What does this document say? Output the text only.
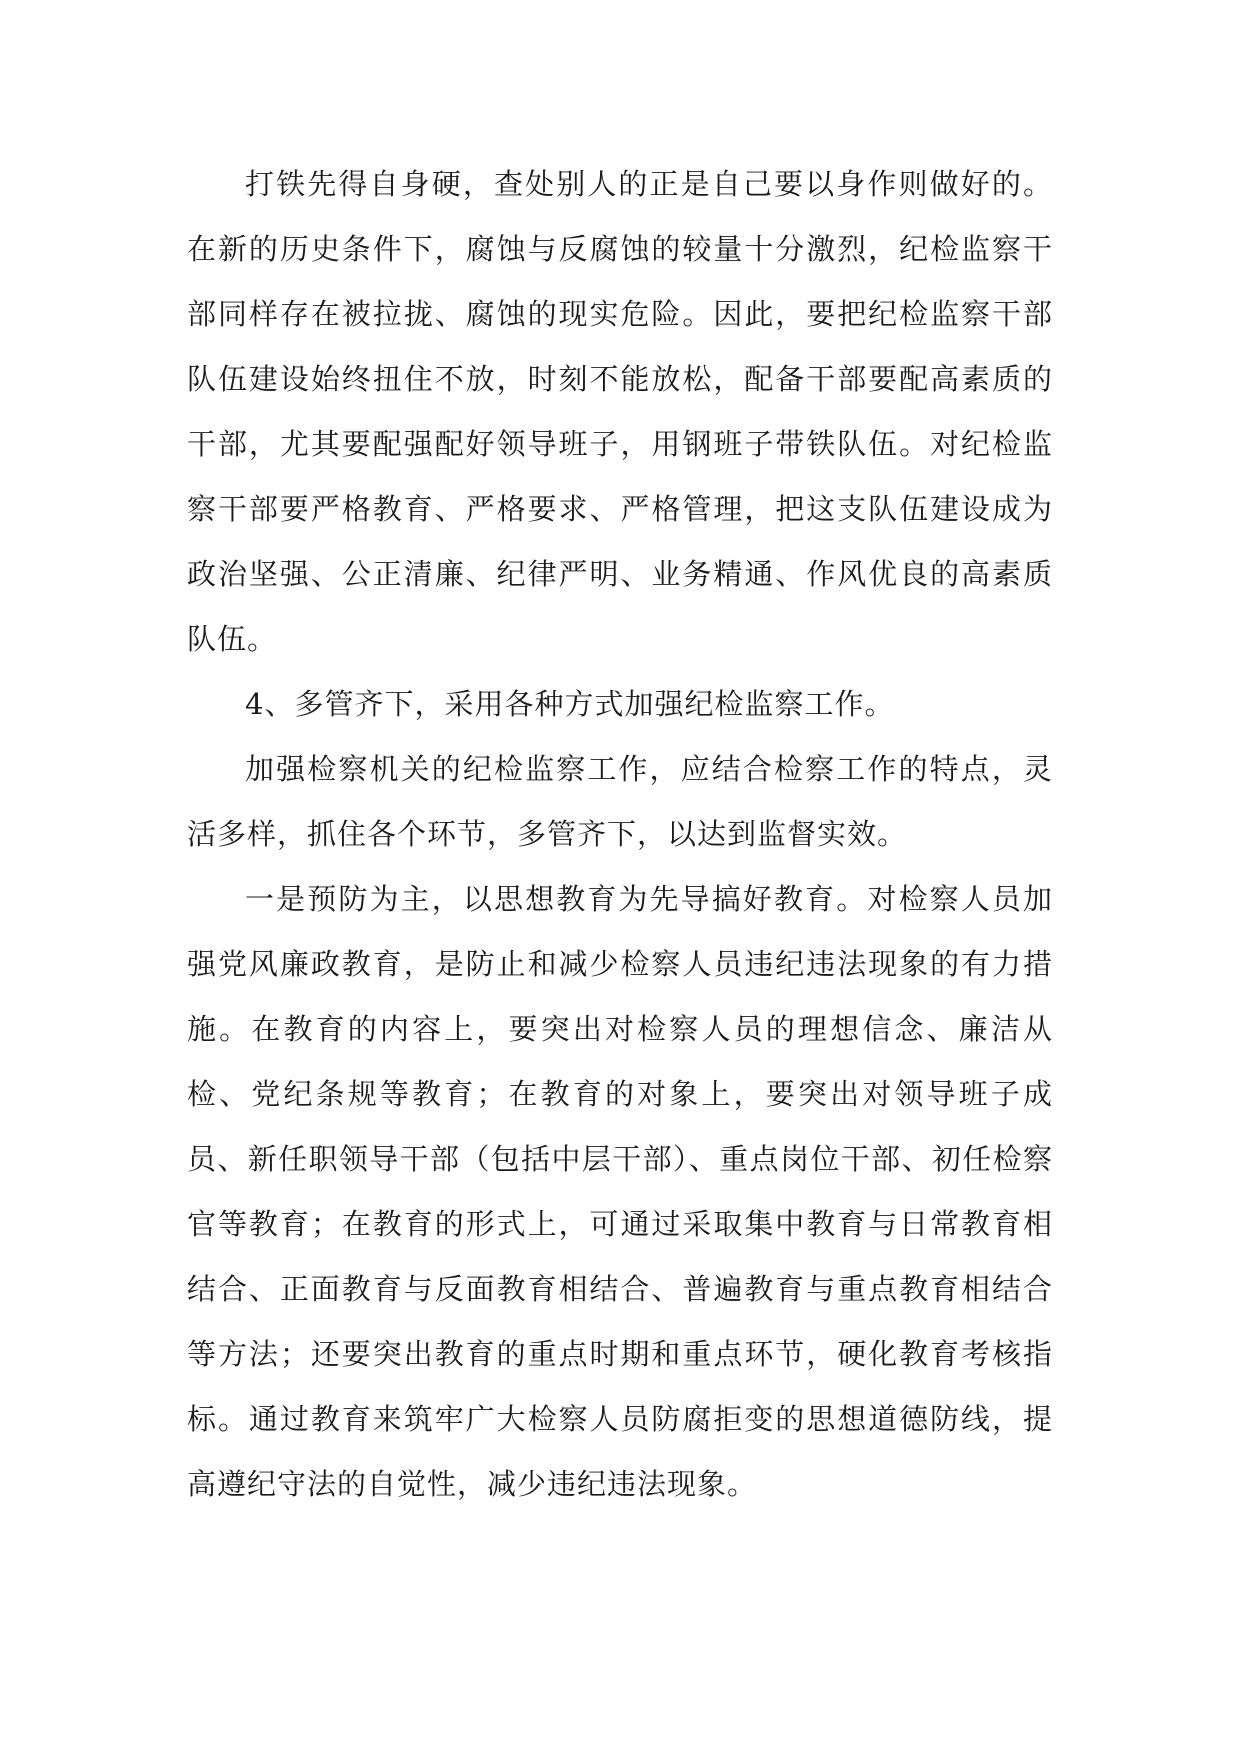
打铁先得自身硬，查处别人的正是自己要以身作则做好的。在新的历史条件下，腐蚀与反腐蚀的较量十分激烈，纪检监察干部同样存在被拉拢、腐蚀的现实危险。因此，要把纪检监察干部队伍建设始终扭住不放，时刻不能放松，配备干部要配高素质的干部，尤其要配强配好领导班子，用钢班子带铁队伍。对纪检监察干部要严格教育、严格要求、严格管理，把这支队伍建设成为政治坚强、公正清廉、纪律严明、业务精通、作风优良的高素质队伍。

4、多管齐下，采用各种方式加强纪检监察工作。

加强检察机关的纪检监察工作，应结合检察工作的特点，灵活多样，抓住各个环节，多管齐下，以达到监督实效。

一是预防为主，以思想教育为先导搞好教育。对检察人员加强党风廉政教育，是防止和减少检察人员违纪违法现象的有力措施。在教育的内容上，要突出对检察人员的理想信念、廉洁从检、党纪条规等教育；在教育的对象上，要突出对领导班子成员、新任职领导干部（包括中层干部）、重点岗位干部、初任检察官等教育；在教育的形式上，可通过采取集中教育与日常教育相结合、正面教育与反面教育相结合、普遍教育与重点教育相结合等方法；还要突出教育的重点时期和重点环节，硬化教育考核指标。通过教育来筑牢广大检察人员防腐拒变的思想道德防线，提高遵纪守法的自觉性，减少违纪违法现象。
